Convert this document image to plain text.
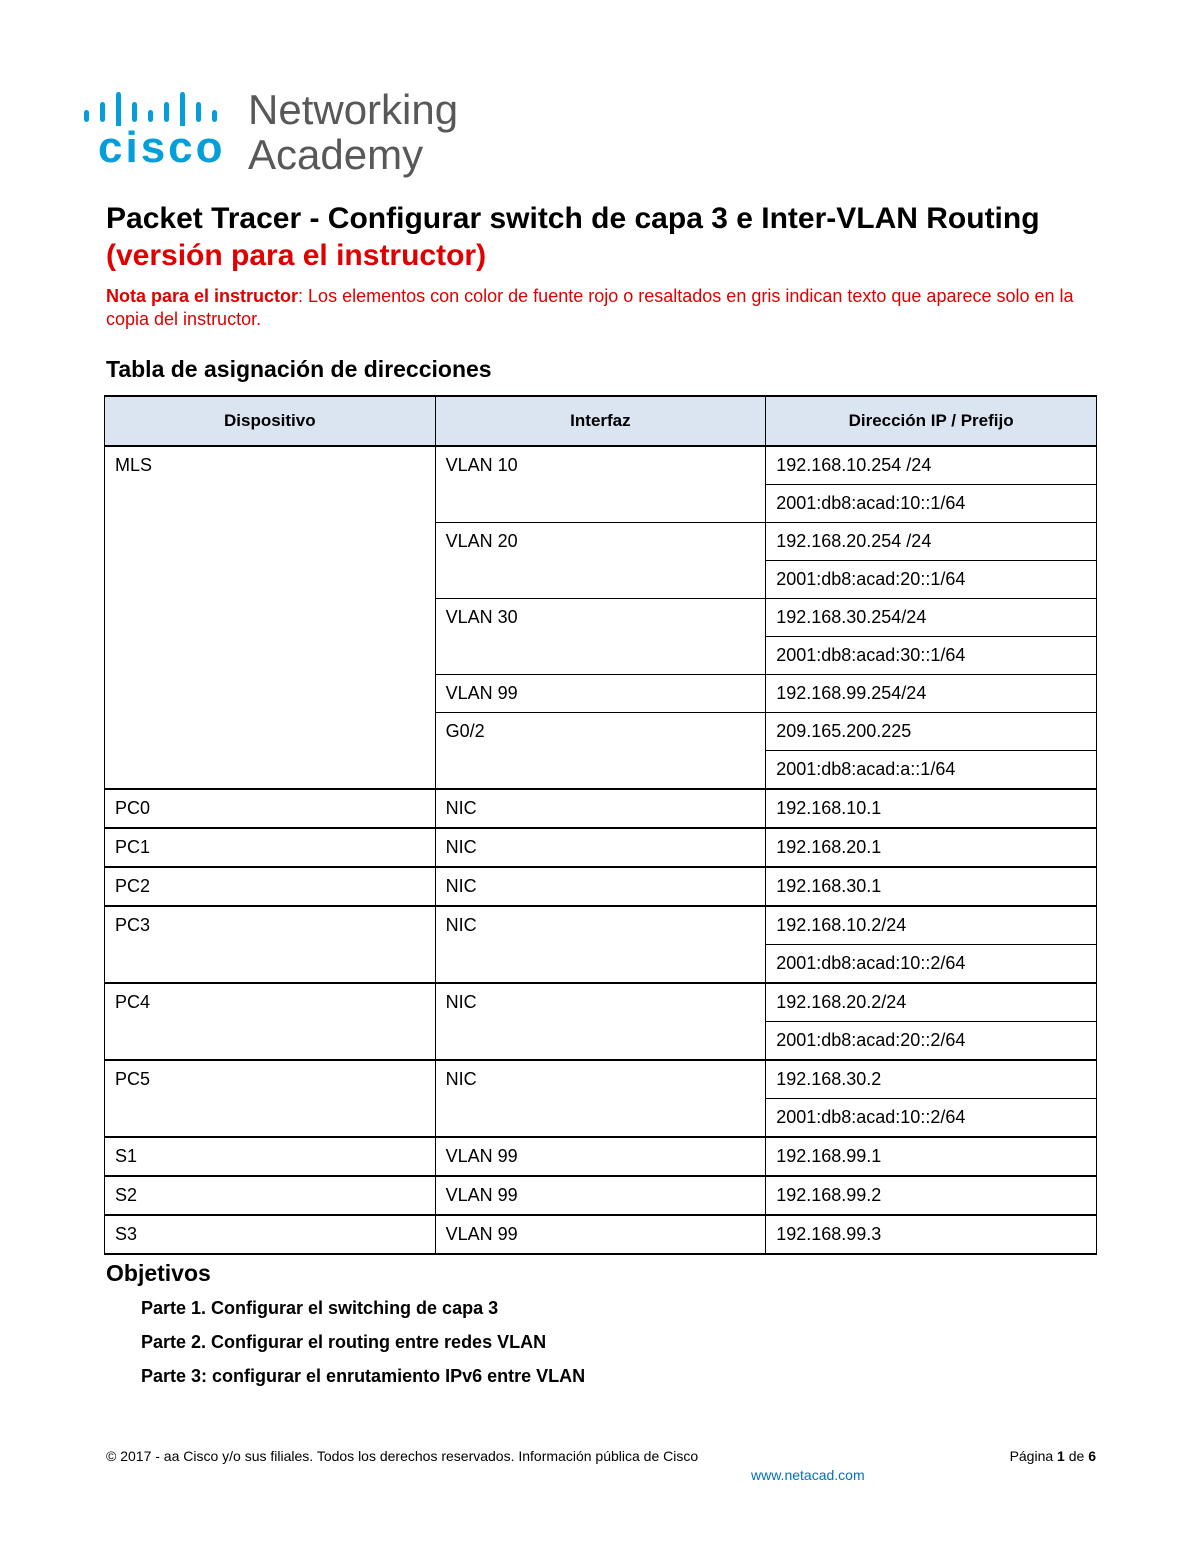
cisco
Networking
Academy
Packet Tracer - Configurar switch de capa 3 e Inter-VLAN Routing
(versión para el instructor)
Nota para el instructor: Los elementos con color de fuente rojo o resaltados en gris indican texto que aparece solo en la copia del instructor.
Tabla de asignación de direcciones
Dispositivo	Interfaz	Dirección IP / Prefijo
MLS	VLAN 10	192.168.10.254 /24
		2001:db8:acad:10::1/64
	VLAN 20	192.168.20.254 /24
		2001:db8:acad:20::1/64
	VLAN 30	192.168.30.254/24
		2001:db8:acad:30::1/64
	VLAN 99	192.168.99.254/24
	G0/2	209.165.200.225
		2001:db8:acad:a::1/64
PC0	NIC	192.168.10.1
PC1	NIC	192.168.20.1
PC2	NIC	192.168.30.1
PC3	NIC	192.168.10.2/24
		2001:db8:acad:10::2/64
PC4	NIC	192.168.20.2/24
		2001:db8:acad:20::2/64
PC5	NIC	192.168.30.2
		2001:db8:acad:10::2/64
S1	VLAN 99	192.168.99.1
S2	VLAN 99	192.168.99.2
S3	VLAN 99	192.168.99.3
Objetivos
Parte 1. Configurar el switching de capa 3
Parte 2. Configurar el routing entre redes VLAN
Parte 3: configurar el enrutamiento IPv6 entre VLAN
© 2017 - aa Cisco y/o sus filiales. Todos los derechos reservados. Información pública de Cisco	Página 1 de 6
www.netacad.com
